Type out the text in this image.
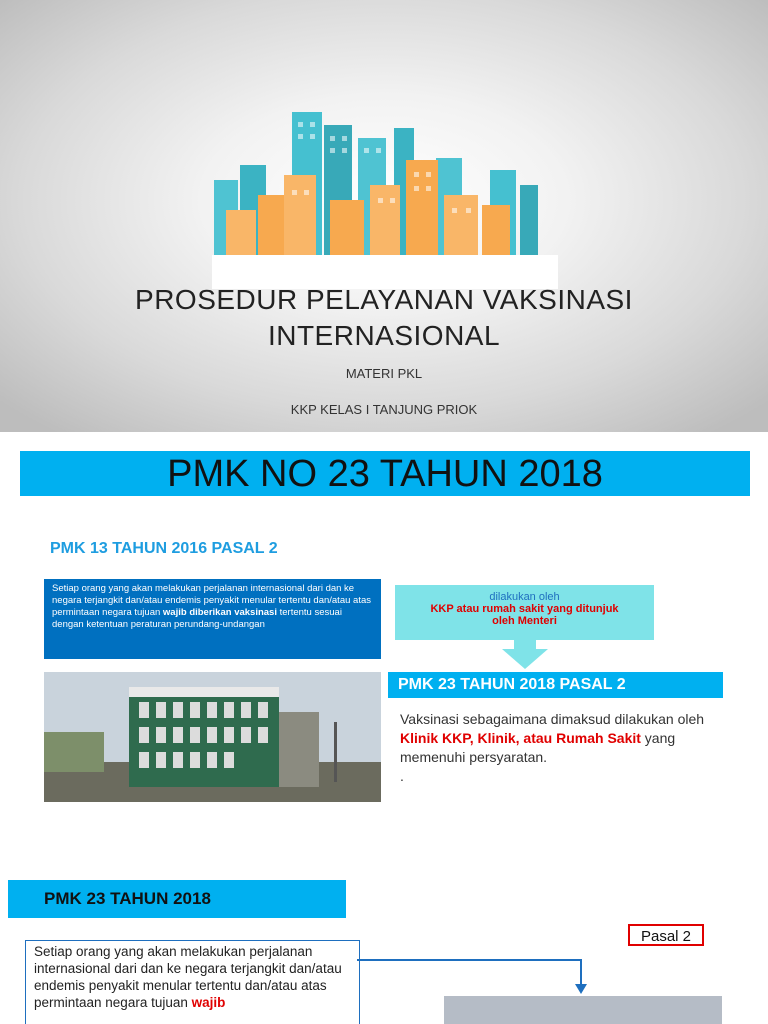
PROSEDUR PELAYANAN VAKSINASI
INTERNASIONAL
MATERI PKL
KKP KELAS I TANJUNG PRIOK
PMK NO 23 TAHUN 2018
PMK 13 TAHUN 2016 PASAL 2
Setiap orang yang akan melakukan perjalanan internasional dari dan ke negara terjangkit dan/atau endemis penyakit menular tertentu dan/atau atas permintaan negara tujuan wajib diberikan vaksinasi tertentu sesuai dengan ketentuan peraturan perundang-undangan
dilakukan oleh
KKP atau rumah sakit yang ditunjuk
oleh Menteri
PMK 23 TAHUN 2018 PASAL 2
Vaksinasi sebagaimana dimaksud dilakukan oleh Klinik KKP, Klinik, atau Rumah Sakit yang memenuhi persyaratan.
.
PMK 23 TAHUN 2018
Pasal 2
Setiap orang yang akan melakukan perjalanan internasional dari dan ke negara terjangkit dan/atau endemis penyakit menular tertentu dan/atau atas permintaan negara tujuan wajib
